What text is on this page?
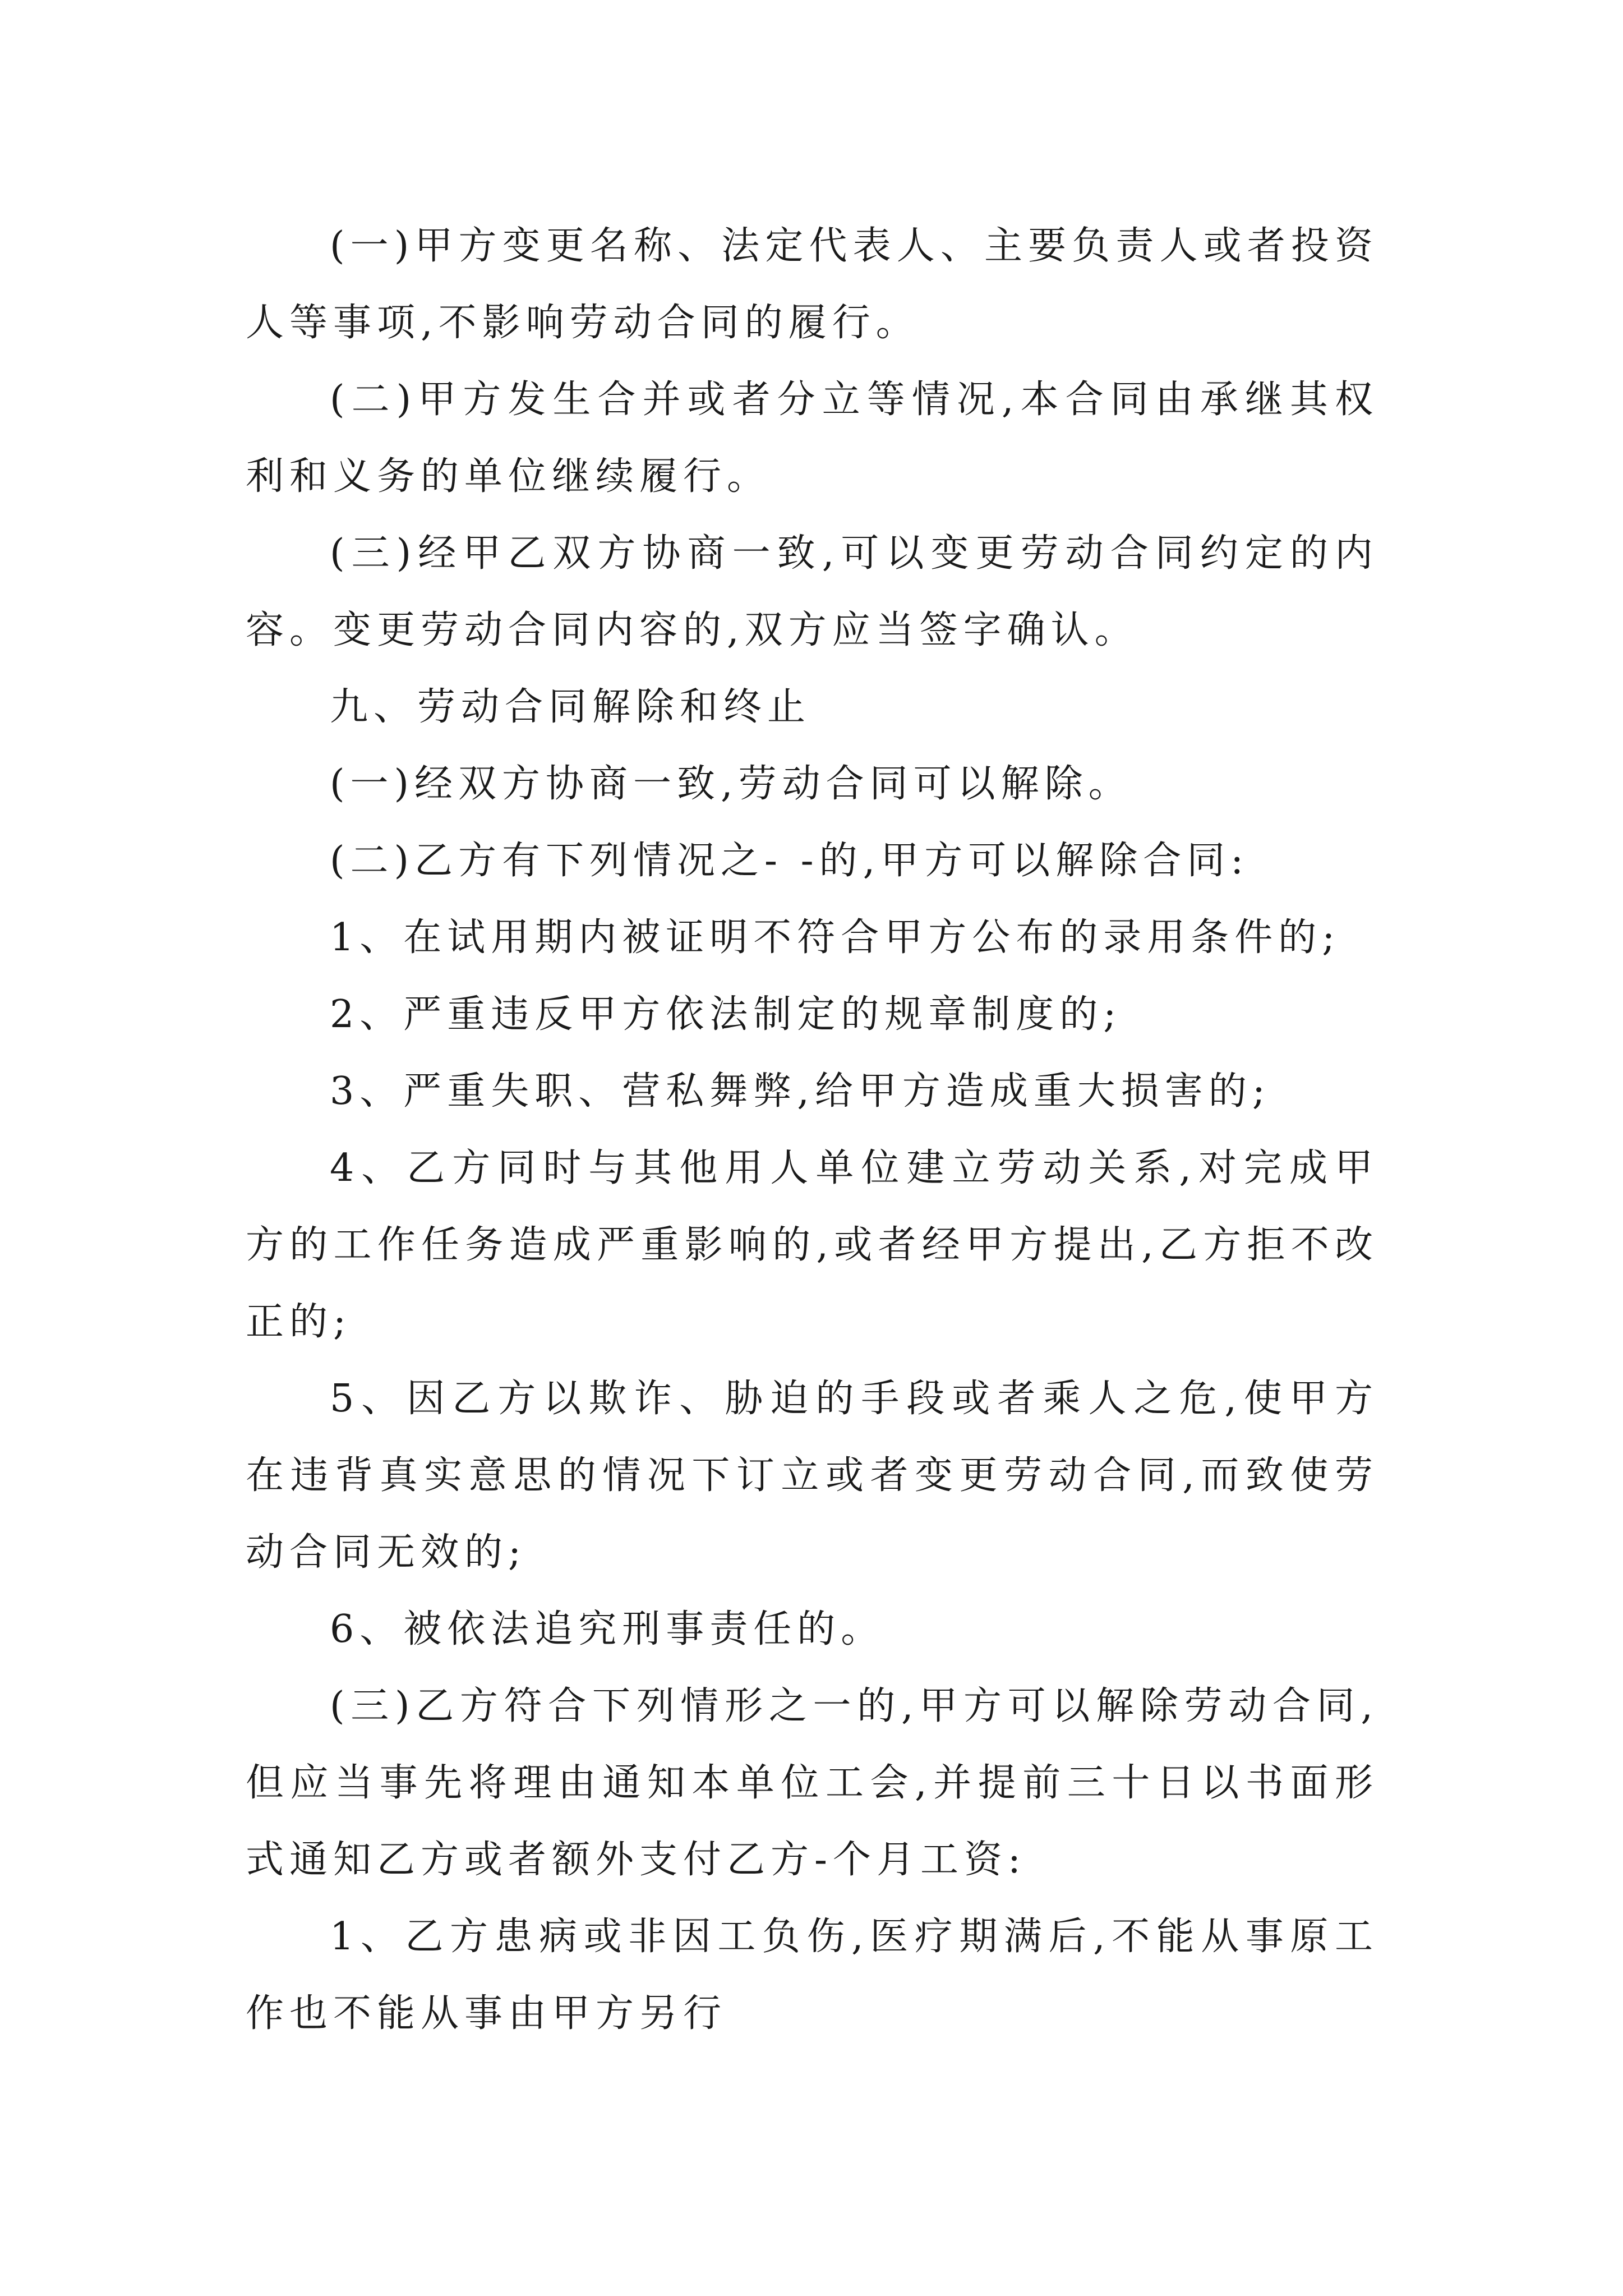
(一)甲方变更名称、法定代表人、主要负责人或者投资人等事项,不影响劳动合同的履行。

(二)甲方发生合并或者分立等情况,本合同由承继其权利和义务的单位继续履行。

(三)经甲乙双方协商一致,可以变更劳动合同约定的内容。变更劳动合同内容的,双方应当签字确认。

九、劳动合同解除和终止

(一)经双方协商一致,劳动合同可以解除。

(二)乙方有下列情况之- -的,甲方可以解除合同:

1、在试用期内被证明不符合甲方公布的录用条件的;

2、严重违反甲方依法制定的规章制度的;

3、严重失职、营私舞弊,给甲方造成重大损害的;

4、乙方同时与其他用人单位建立劳动关系,对完成甲方的工作任务造成严重影响的,或者经甲方提出,乙方拒不改正的;

5、因乙方以欺诈、胁迫的手段或者乘人之危,使甲方在违背真实意思的情况下订立或者变更劳动合同,而致使劳动合同无效的;

6、被依法追究刑事责任的。

(三)乙方符合下列情形之一的,甲方可以解除劳动合同,但应当事先将理由通知本单位工会,并提前三十日以书面形式通知乙方或者额外支付乙方-个月工资:

1、乙方患病或非因工负伤,医疗期满后,不能从事原工作也不能从事由甲方另行
